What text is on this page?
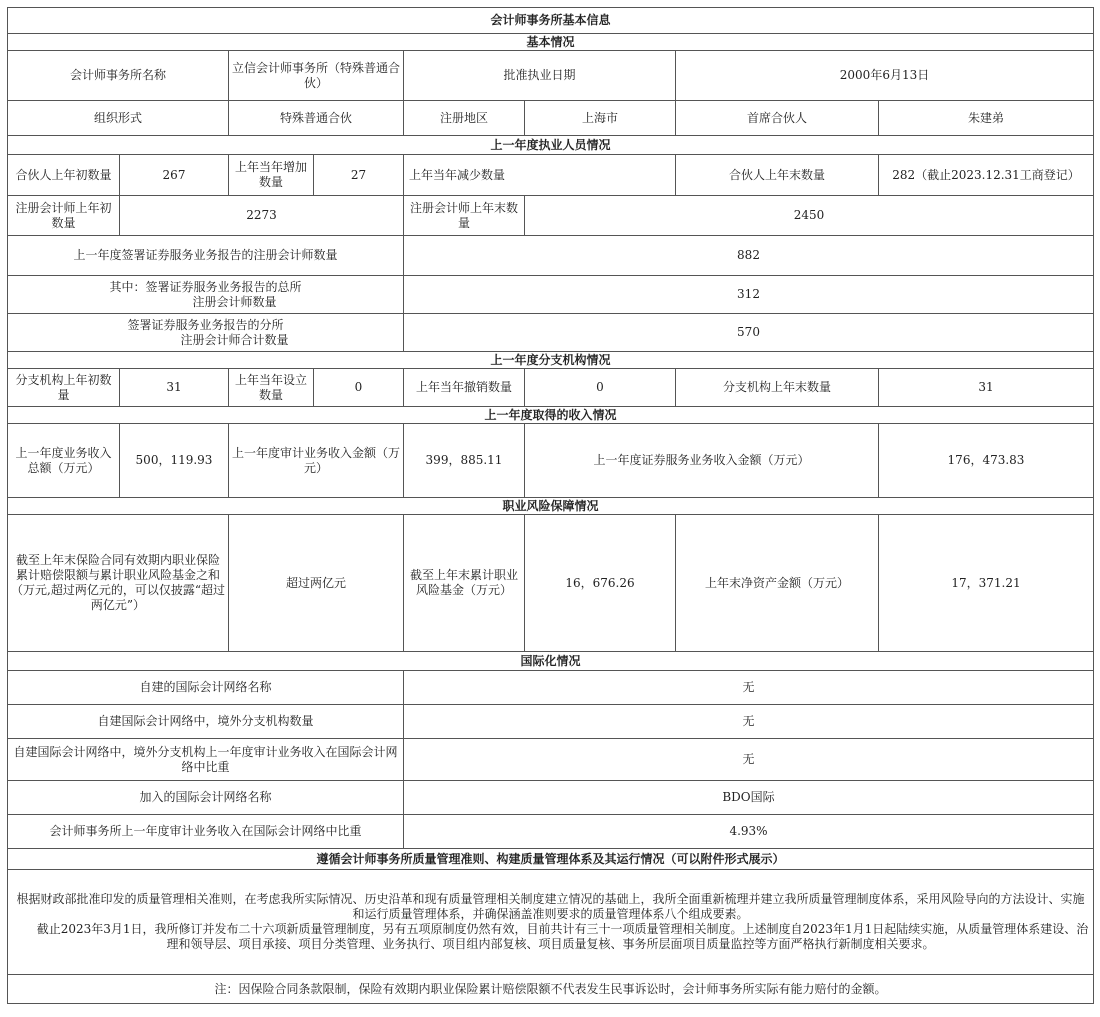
会计师事务所基本信息							
基本情况							
会计师事务所名称		立信会计师事务所（特殊普通合伙）		批准执业日期		2000年6月13日	
组织形式		特殊普通合伙		注册地区	上海市	首席合伙人	朱建弟
上一年度执业人员情况							
合伙人上年初数量	267	上年当年增加数量	27	上年当年减少数量		合伙人上年末数量	282（截止2023.12.31工商登记）
注册会计师上年初数量	2273			注册会计师上年末数量	2450		
上一年度签署证券服务业务报告的注册会计师数量				882			

其中：签署证券服务业务报告的总所
注册会计师数量				312			

签署证券服务业务报告的分所
注册会计师合计数量				570			
上一年度分支机构情况							
分支机构上年初数量	31	上年当年设立数量	0	上年当年撤销数量	0	分支机构上年末数量	31
上一年度取得的收入情况							
上一年度业务收入总额（万元）	500，119.93	上一年度审计业务收入金额（万元）		399，885.11	上一年度证券服务业务收入金额（万元）		176，473.83
职业风险保障情况							
截至上年末保险合同有效期内职业保险累计赔偿限额与累计职业风险基金之和（万元,超过两亿元的，可以仅披露“超过两亿元”）		超过两亿元		截至上年末累计职业风险基金（万元）	16，676.26	上年末净资产金额（万元）	17，371.21
国际化情况							
自建的国际会计网络名称				无			
自建国际会计网络中，境外分支机构数量				无			
自建国际会计网络中，境外分支机构上一年度审计业务收入在国际会计网络中比重				无			
加入的国际会计网络名称				BDO国际			
会计师事务所上一年度审计业务收入在国际会计网络中比重				4.93%			
遵循会计师事务所质量管理准则、构建质量管理体系及其运行情况（可以附件形式展示）							

根据财政部批准印发的质量管理相关准则，在考虑我所实际情况、历史沿革和现有质量管理相关制度建立情况的基础上，我所全面重新梳理并建立我所质量管理制度体系，采用风险导向的方法设计、实施和运行质量管理体系，并确保涵盖准则要求的质量管理体系八个组成要素。
截止2023年3月1日，我所修订并发布二十六项新质量管理制度，另有五项原制度仍然有效，目前共计有三十一项质量管理相关制度。上述制度自2023年1月1日起陆续实施，从质量管理体系建设、治理和领导层、项目承接、项目分类管理、业务执行、项目组内部复核、项目质量复核、事务所层面项目质量监控等方面严格执行新制度相关要求。							

注：因保险合同条款限制，保险有效期内职业保险累计赔偿限额不代表发生民事诉讼时，会计师事务所实际有能力赔付的金额。							
